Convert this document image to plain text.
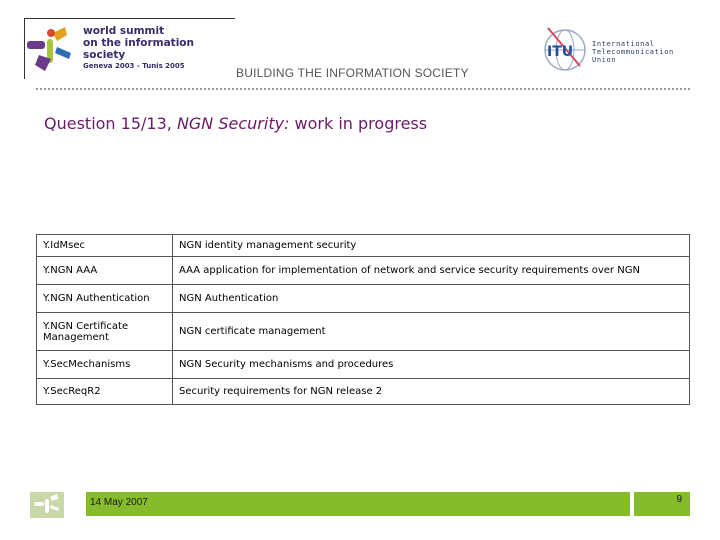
world summit
on the information society
Geneva 2003 - Tunis 2005	BUILDING THE INFORMATION SOCIETY
ITU	International
Telecommunication
Union
Question 15/13, NGN Security: work in progress
Y.IdMsec	NGN identity management security
Y.NGN AAA	AAA application for implementation of network and service security requirements over NGN
Y.NGN Authentication	NGN Authentication
Y.NGN Certificate Management	NGN certificate management
Y.SecMechanisms	NGN Security mechanisms and procedures
Y.SecReqR2	Security requirements for NGN release 2
14 May 2007	9
